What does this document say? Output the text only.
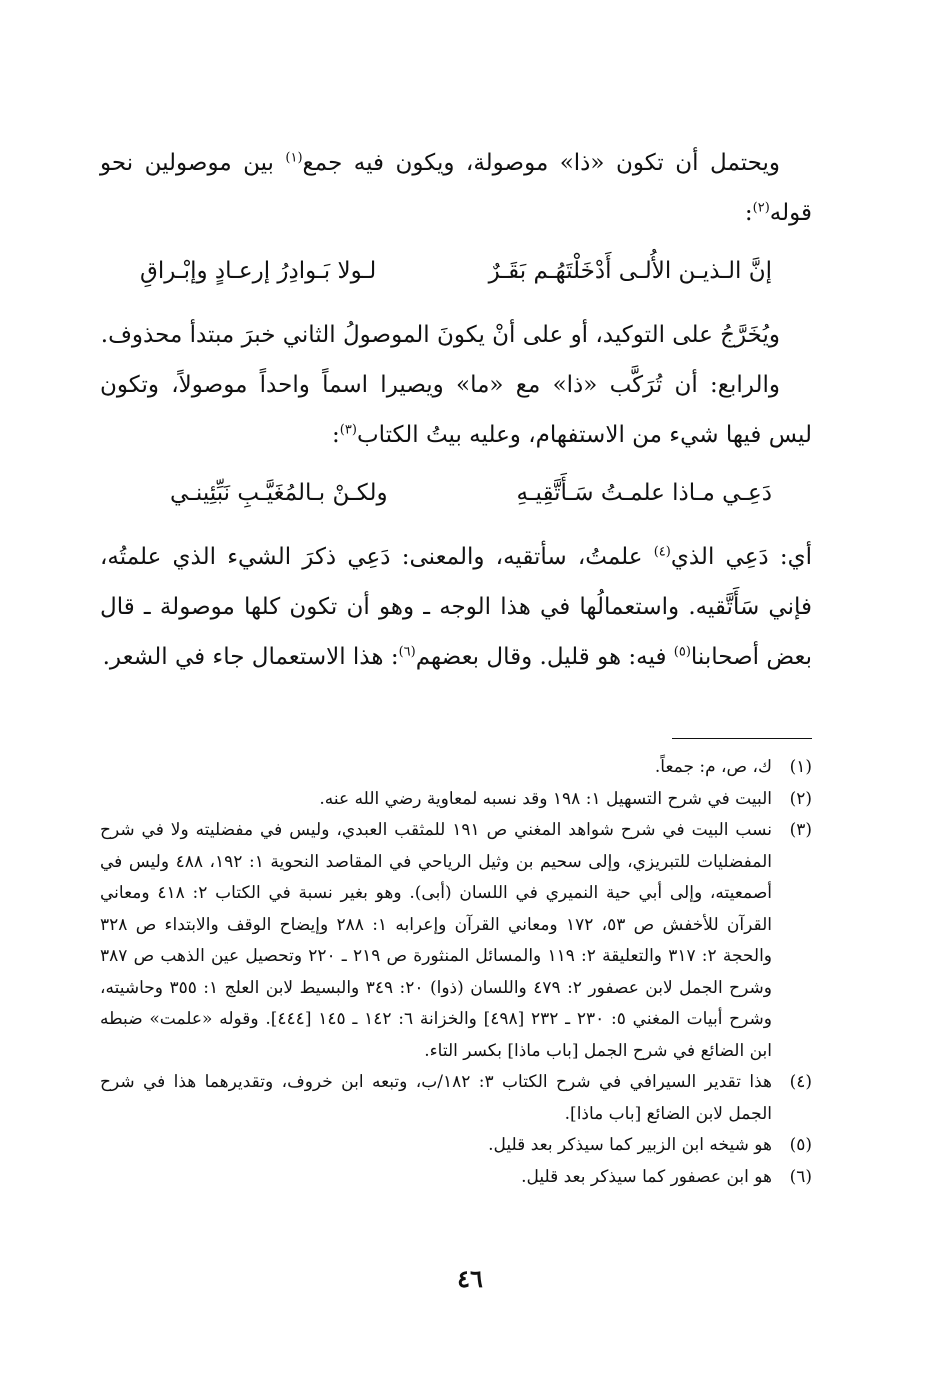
ويحتمل أن تكون «ذا» موصولة، ويكون فيه جمع$^{(١)}$ بين موصولين نحو قوله$^{(٢)}$:

إنَّ الـذيـن الأُلـى أَدْخَلْتَهُـم بَقَـرٌ
لـولا بَـوادِرُ إرعـادٍ وإبْـراقِ

ويُخَرَّجُ على التوكيد، أو على أنْ يكونَ الموصولُ الثاني خبرَ مبتدأ محذوف.

والرابع: أن تُرَكَّب «ذا» مع «ما» ويصيرا اسماً واحداً موصولاً، وتكون ليس فيها شيء من الاستفهام، وعليه بيتُ الكتاب$^{(٣)}$:

دَعِـي مـاذا علمـتُ سَـأَتَّقِيـهِ
ولكـنْ بـالمُغَيَّـبِ نَبِّئِينـي

أي: دَعِي الذي$^{(٤)}$ علمتُ، سأتقيه، والمعنى: دَعِي ذكرَ الشيء الذي علمتُه، فإني سَأَتَّقيه. واستعمالُها في هذا الوجه ـ وهو أن تكون كلها موصولة ـ قال بعض أصحابنا$^{(٥)}$ فيه: هو قليل. وقال بعضهم$^{(٦)}$: هذا الاستعمال جاء في الشعر.

(١)
ك، ص، م: جمعاً.
(٢)
البيت في شرح التسهيل ١: ١٩٨ وقد نسبه لمعاوية رضي الله عنه.
(٣)
نسب البيت في شرح شواهد المغني ص ١٩١ للمثقب العبدي، وليس في مفضليته ولا في شرح المفضليات للتبريزي، وإلى سحيم بن وثيل الرياحي في المقاصد النحوية ١: ١٩٢، ٤٨٨ وليس في أصمعيته، وإلى أبي حية النميري في اللسان (أبى). وهو بغير نسبة في الكتاب ٢: ٤١٨ ومعاني القرآن للأخفش ص ٥٣، ١٧٢ ومعاني القرآن وإعرابه ١: ٢٨٨ وإيضاح الوقف والابتداء ص ٣٢٨ والحجة ٢: ٣١٧ والتعليقة ٢: ١١٩ والمسائل المنثورة ص ٢١٩ ـ ٢٢٠ وتحصيل عين الذهب ص ٣٨٧ وشرح الجمل لابن عصفور ٢: ٤٧٩ واللسان (ذوا) ٢٠: ٣٤٩ والبسيط لابن العلج ١: ٣٥٥ وحاشيته، وشرح أبيات المغني ٥: ٢٣٠ ـ ٢٣٢ [٤٩٨] والخزانة ٦: ١٤٢ ـ ١٤٥ [٤٤٤]. وقوله «علمت» ضبطه ابن الضائع في شرح الجمل [باب ماذا] بكسر التاء.
(٤)
هذا تقدير السيرافي في شرح الكتاب ٣: ١٨٢/ب، وتبعه ابن خروف، وتقديرهما هذا في شرح الجمل لابن الضائع [باب ماذا].
(٥)
هو شيخه ابن الزبير كما سيذكر بعد قليل.
(٦)
هو ابن عصفور كما سيذكر بعد قليل.
٤٦
